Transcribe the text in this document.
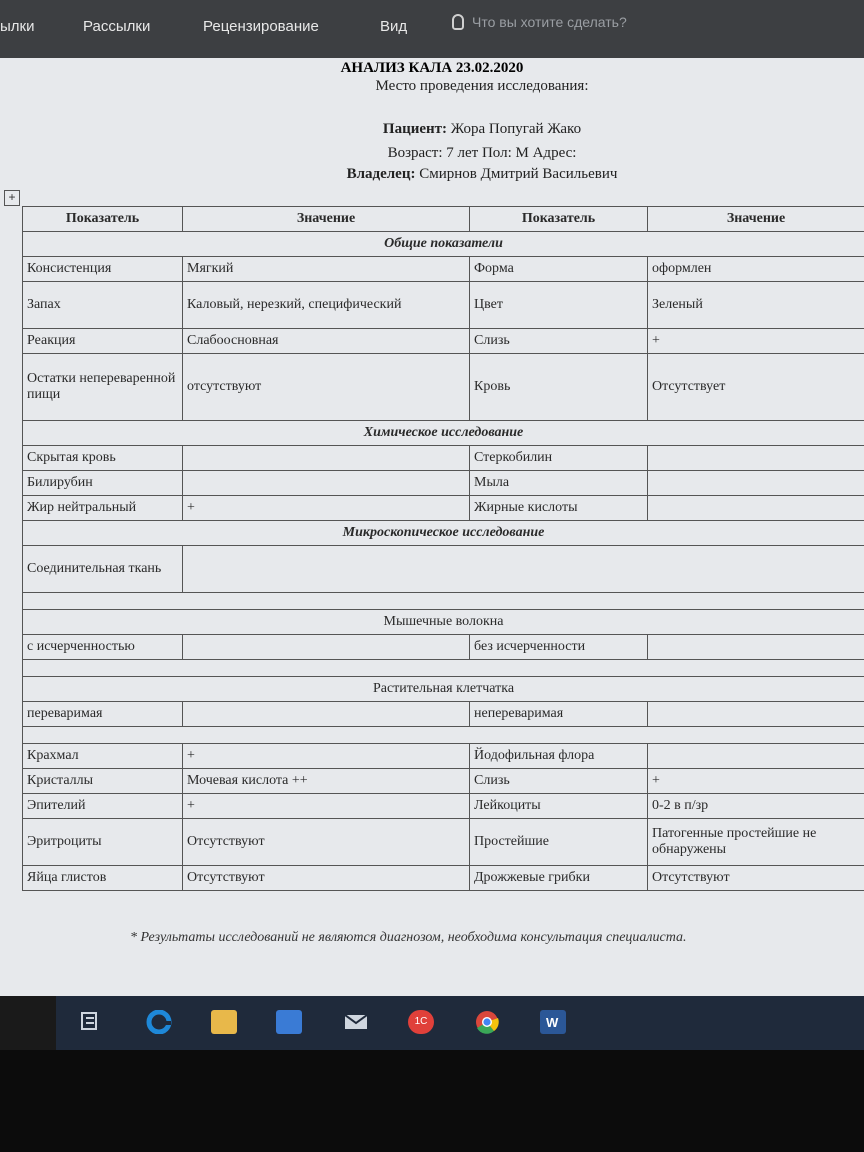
ылки	Рассылки	Рецензирование	Вид	Что вы хотите сделать?
АНАЛИЗ КАЛА 23.02.2020
Место проведения исследования:
Пациент: Жора Попугай Жако
Возраст: 7 лет Пол: М Адрес:
Владелец: Смирнов Дмитрий Васильевич
+
Показатель	Значение	Показатель	Значение
Общие показатели			
Консистенция	Мягкий	Форма	оформлен
Запах	Каловый, нерезкий, специфический	Цвет	Зеленый
Реакция	Слабоосновная	Слизь	+
Остатки непереваренной пищи	отсутствуют	Кровь	Отсутствует
Химическое исследование			
Скрытая кровь		Стеркобилин	
Билирубин		Мыла	
Жир нейтральный	+	Жирные кислоты	
Микроскопическое исследование			
Соединительная ткань			

Мышечные волокна			
с исчерченностью		без исчерченности	

Растительная клетчатка			
переваримая		непереваримая	

Крахмал	+	Йодофильная флора	
Кристаллы	Мочевая кислота ++	Слизь	+
Эпителий	+	Лейкоциты	0-2 в п/зр
Эритроциты	Отсутствуют	Простейшие	Патогенные простейшие не обнаружены
Яйца глистов	Отсутствуют	Дрожжевые грибки	Отсутствуют
* Результаты исследований не являются диагнозом, необходима консультация специалиста.
1С	W
